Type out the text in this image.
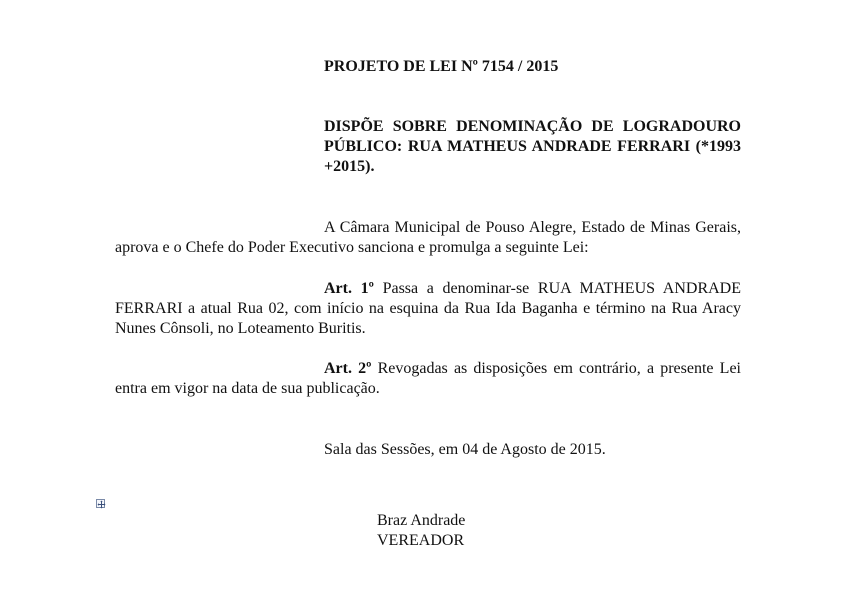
PROJETO DE LEI Nº 7154 / 2015
DISPÕE SOBRE DENOMINAÇÃO DE LOGRADOURO PÚBLICO: RUA MATHEUS ANDRADE FERRARI (*1993 +2015).
A Câmara Municipal de Pouso Alegre, Estado de Minas Gerais, aprova e o Chefe do Poder Executivo sanciona e promulga a seguinte Lei:
Art. 1º Passa a denominar-se RUA MATHEUS ANDRADE FERRARI a atual Rua 02, com início na esquina da Rua Ida Baganha e término na Rua Aracy Nunes Cônsoli, no Loteamento Buritis.
Art. 2º Revogadas as disposições em contrário, a presente Lei entra em vigor na data de sua publicação.
Sala das Sessões, em 04 de Agosto de 2015.
Braz Andrade
VEREADOR
